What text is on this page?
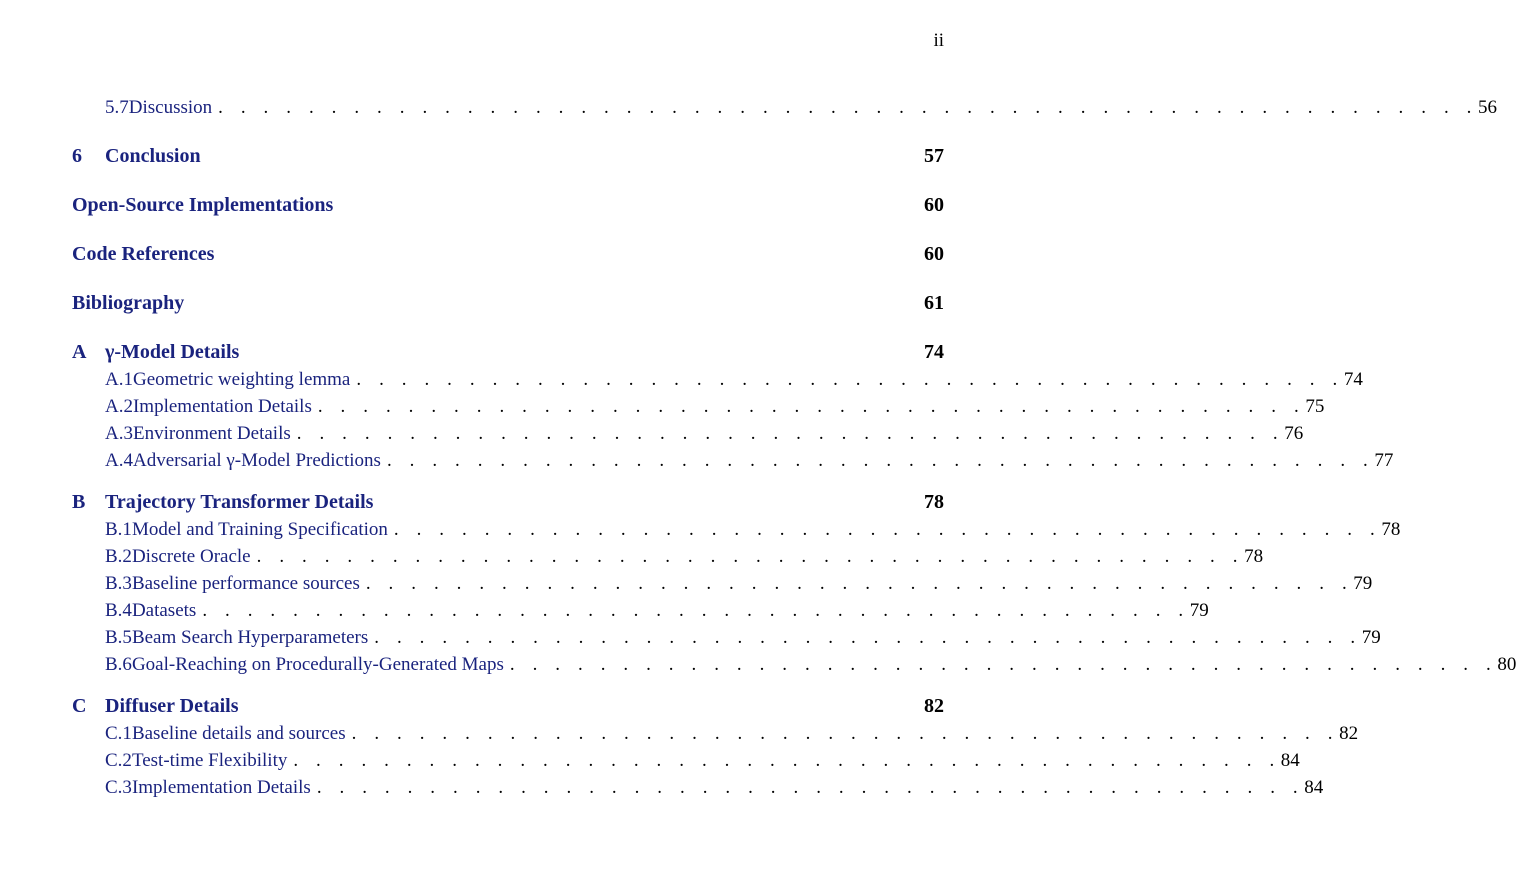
ii
5.7 Discussion . . . . . . . . . . . . . . . . . . . . . . . . . . . . . . . . . . . . . . . . . . . . . . . . . . . . . . . . 56
6	Conclusion	57
Open-Source Implementations	60
Code References	60
Bibliography	61
A γ-Model Details	74
A.1 Geometric weighting lemma . . . . . . . . . . . . . . . . . . . . . . . . . . . . . . . . . . . . . . . . . . . . 74
A.2 Implementation Details . . . . . . . . . . . . . . . . . . . . . . . . . . . . . . . . . . . . . . . . . . . . 75
A.3 Environment Details . . . . . . . . . . . . . . . . . . . . . . . . . . . . . . . . . . . . . . . . . . . . 76
A.4 Adversarial γ-Model Predictions . . . . . . . . . . . . . . . . . . . . . . . . . . . . . . . . . . . . . . . . . . . . 77
B Trajectory Transformer Details	78
B.1 Model and Training Specification . . . . . . . . . . . . . . . . . . . . . . . . . . . . . . . . . . . . . . . . . . . . 78
B.2 Discrete Oracle . . . . . . . . . . . . . . . . . . . . . . . . . . . . . . . . . . . . . . . . . . . . 78
B.3 Baseline performance sources . . . . . . . . . . . . . . . . . . . . . . . . . . . . . . . . . . . . . . . . . . . . 79
B.4 Datasets . . . . . . . . . . . . . . . . . . . . . . . . . . . . . . . . . . . . . . . . . . . . 79
B.5 Beam Search Hyperparameters . . . . . . . . . . . . . . . . . . . . . . . . . . . . . . . . . . . . . . . . . . . . 79
B.6 Goal-Reaching on Procedurally-Generated Maps . . . . . . . . . . . . . . . . . . . . . . . . . . . . . . . . . . . . . . . . . . . . 80
C Diffuser Details	82
C.1 Baseline details and sources . . . . . . . . . . . . . . . . . . . . . . . . . . . . . . . . . . . . . . . . . . . . 82
C.2 Test-time Flexibility . . . . . . . . . . . . . . . . . . . . . . . . . . . . . . . . . . . . . . . . . . . . 84
C.3 Implementation Details . . . . . . . . . . . . . . . . . . . . . . . . . . . . . . . . . . . . . . . . . . . . 84
